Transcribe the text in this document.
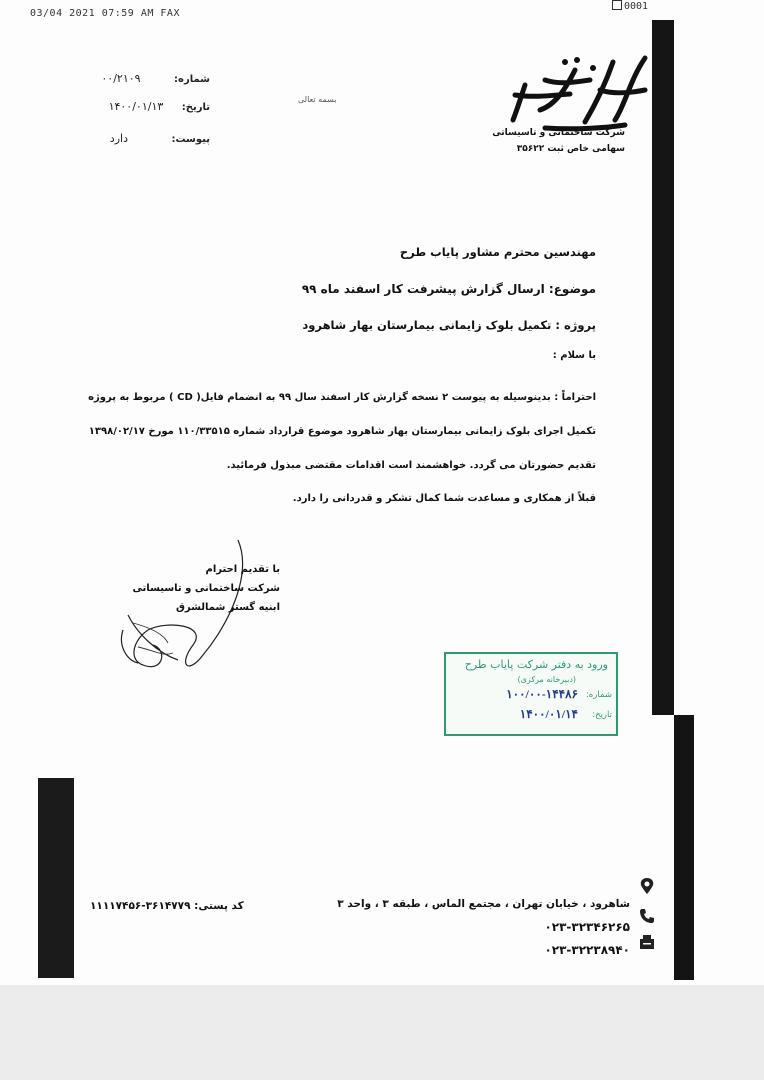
03/04 2021 07:59 AM FAX
0001
شرکت ساختمانی و تاسیساتی
سهامی خاص ثبت ۳۵۶۲۲
بسمه تعالی
شماره: ۰۰/۲۱۰۹
تاریخ: ۱۴۰۰/۰۱/۱۳
پیوست: دارد
مهندسین محترم مشاور پایاب طرح
موضوع: ارسال گزارش پیشرفت کار اسفند ماه ۹۹
پروژه : تکمیل بلوک زایمانی بیمارستان بهار شاهرود
با سلام :
احتراماً : بدینوسیله به پیوست ۲ نسخه گزارش کار اسفند سال ۹۹ به انضمام فایل( CD ) مربوط به پروژه
تکمیل اجرای بلوک زایمانی بیمارستان بهار شاهرود موضوع قرارداد شماره ۱۱۰/۳۳۵۱۵ مورخ ۱۳۹۸/۰۲/۱۷
تقدیم حضورتان می گردد. خواهشمند است اقدامات مقتضی مبذول فرمائید.
قبلاً از همکاری و مساعدت شما کمال تشکر و قدردانی را دارد.
با تقدیم احترام
شرکت ساختمانی و تاسیساتی
ابنیه گستر شمالشرق
ورود به دفتر شرکت پایاب طرح
(دبیرخانه مرکزی)
شماره:
۱۰۰/۰۰-۱۴۴۸۶
تاریخ:
۱۴۰۰/۰۱/۱۴
شاهرود ، خیابان تهران ، مجتمع الماس ، طبقه ۳ ، واحد ۳
۰۲۳-۳۲۳۴۶۲۶۵
۰۲۳-۳۲۲۳۸۹۴۰
کد پستی: ۳۶۱۴۷۷۹-۱۱۱۱۷۴۵۶
